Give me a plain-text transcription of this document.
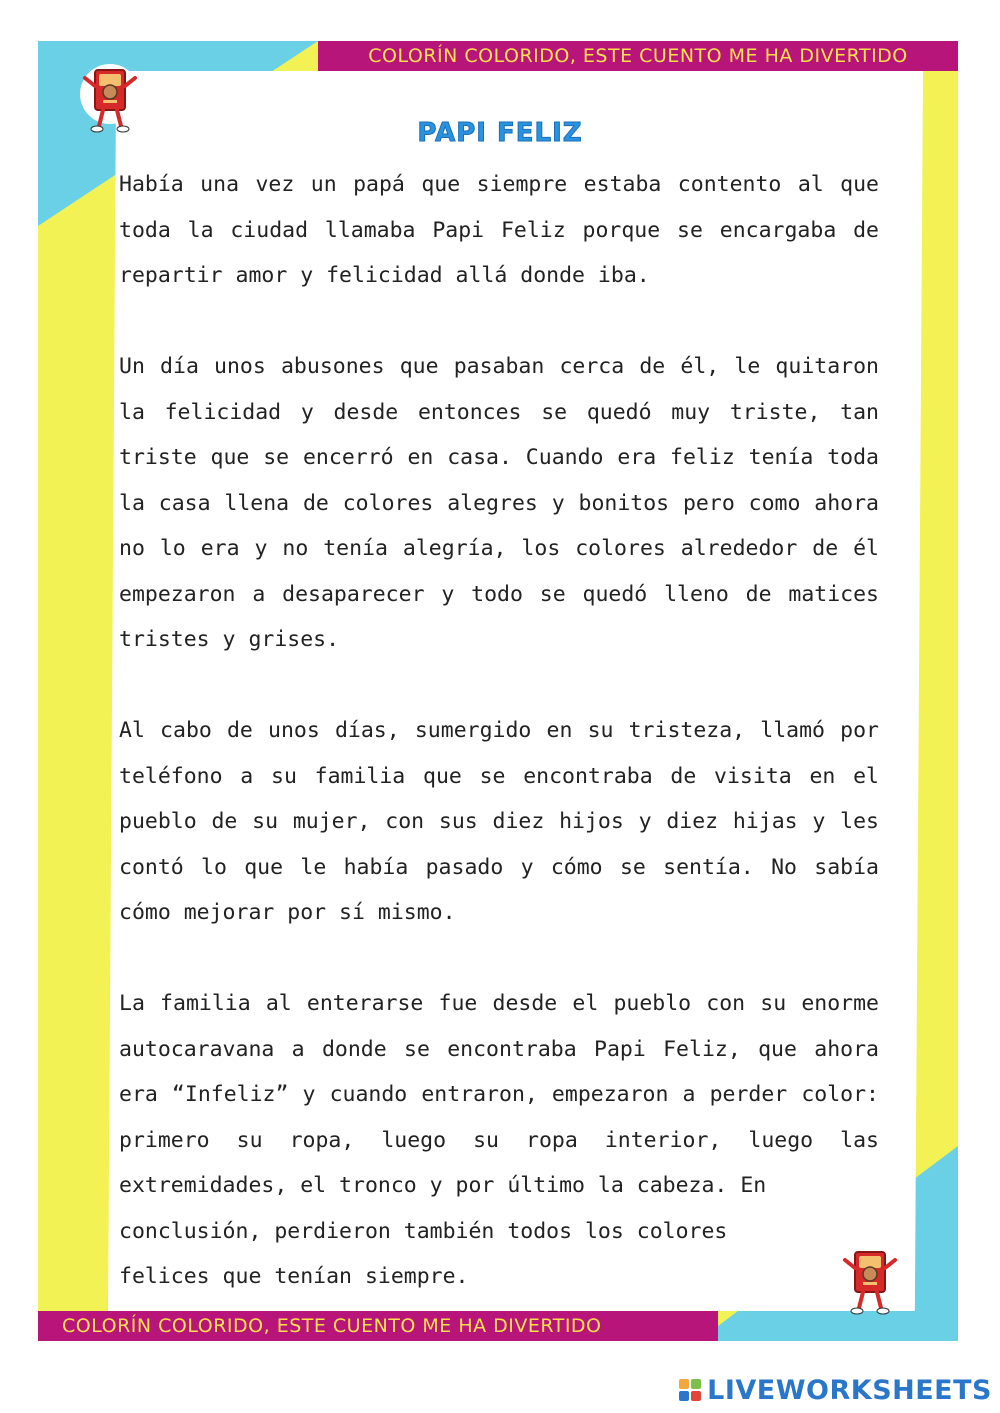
COLORÍN COLORIDO, ESTE CUENTO ME HA DIVERTIDO
COLORÍN COLORIDO, ESTE CUENTO ME HA DIVERTIDO
PAPI FELIZ

Había una vez un papá que siempre estaba contento al que toda la ciudad llamaba Papi Feliz porque se encargaba de repartir amor y felicidad allá donde iba.

Un día unos abusones que pasaban cerca de él, le quitaron la felicidad y desde entonces se quedó muy triste, tan triste que se encerró en casa. Cuando era feliz tenía toda la casa llena de colores alegres y bonitos pero como ahora no lo era y no tenía alegría, los colores alrededor de él empezaron a desaparecer y todo se quedó lleno de matices tristes y grises.

Al cabo de unos días, sumergido en su tristeza, llamó por teléfono a su familia que se encontraba de visita en el pueblo de su mujer, con sus diez hijos y diez hijas y les contó lo que le había pasado y cómo se sentía. No sabía cómo mejorar por sí mismo.

La familia al enterarse fue desde el pueblo con su enorme autocaravana a donde se encontraba Papi Feliz, que ahora era “Infeliz” y cuando entraron, empezaron a perder color: primero su ropa, luego su ropa interior, luego las extremidades, el tronco y por último la cabeza. En

conclusión, perdieron también todos los colores
felices que tenían siempre.
LIVEWORKSHEETS
